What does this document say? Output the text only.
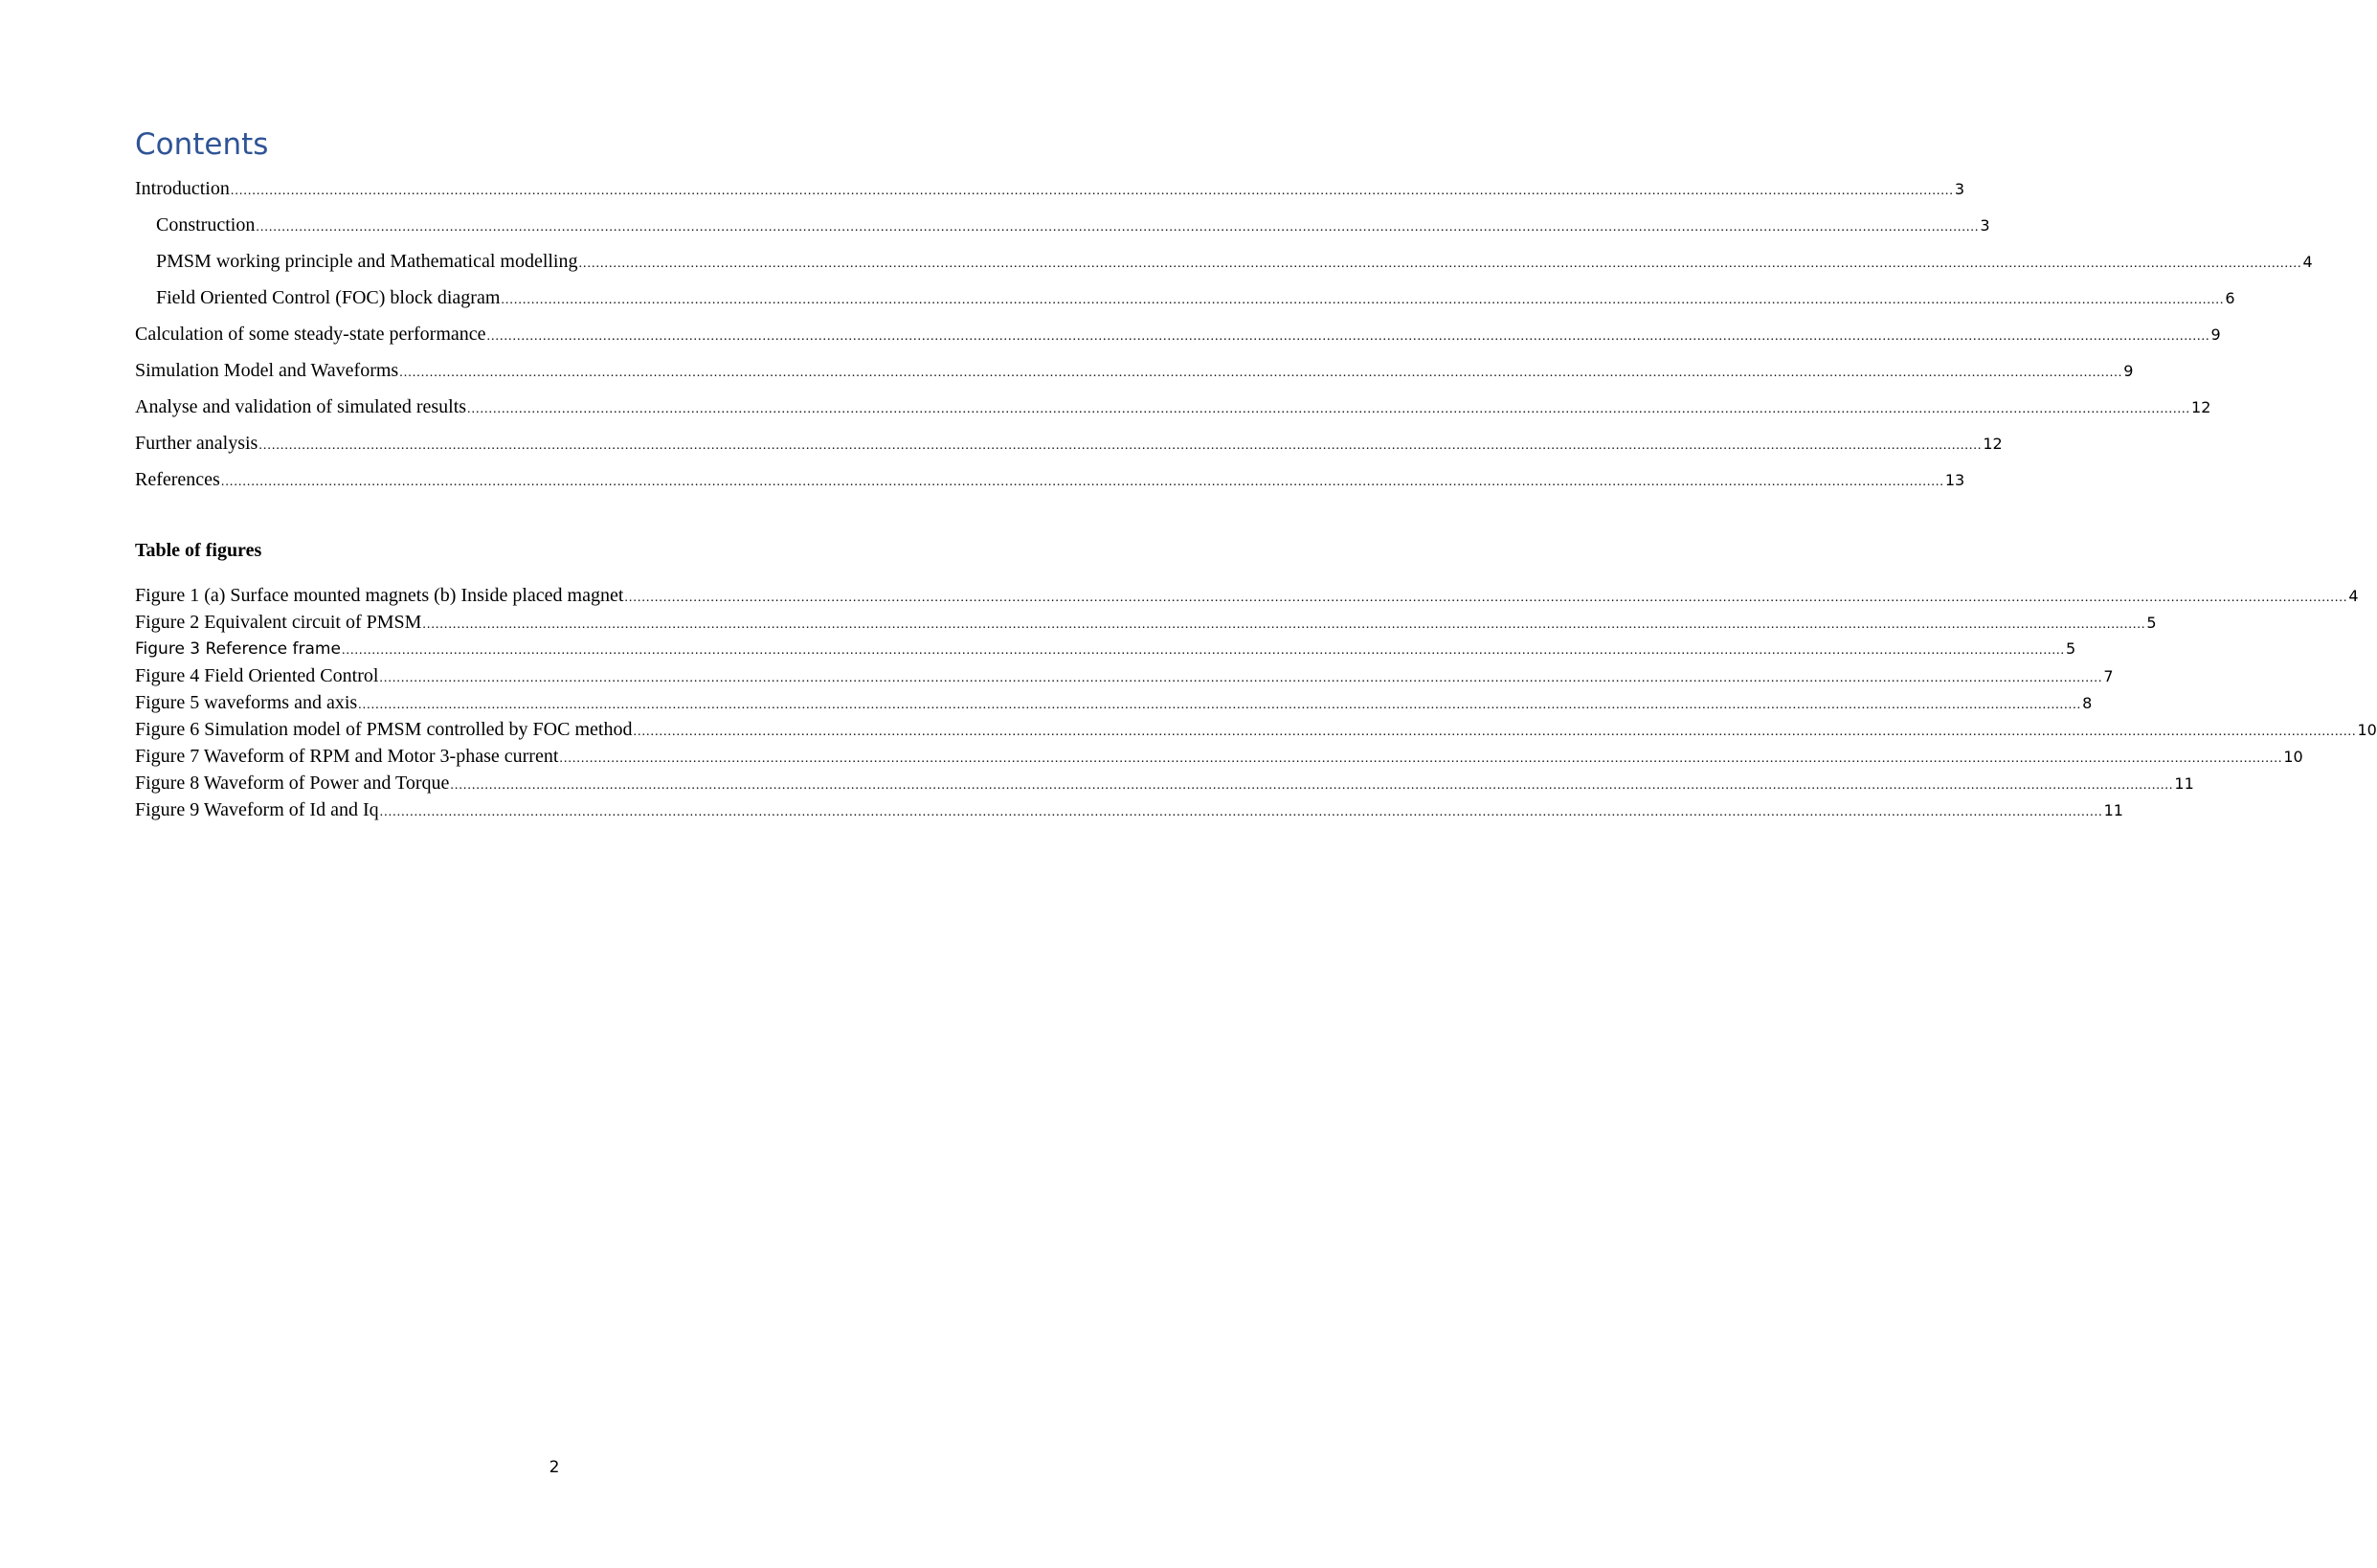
Contents
Introduction ................................................................................................................................................................................................................................................................................................................................................................................................................ 3
Construction ................................................................................................................................................................................................................................................................................................................................................................................................................ 3
PMSM working principle and Mathematical modelling ................................................................................................................................................................................................................................................................................................................................................................................................................ 4
Field Oriented Control (FOC) block diagram ................................................................................................................................................................................................................................................................................................................................................................................................................ 6
Calculation of some steady-state performance ................................................................................................................................................................................................................................................................................................................................................................................................................ 9
Simulation Model and Waveforms ................................................................................................................................................................................................................................................................................................................................................................................................................ 9
Analyse and validation of simulated results ................................................................................................................................................................................................................................................................................................................................................................................................................ 12
Further analysis ................................................................................................................................................................................................................................................................................................................................................................................................................ 12
References ................................................................................................................................................................................................................................................................................................................................................................................................................ 13
Table of figures
Figure 1 (a) Surface mounted magnets (b) Inside placed magnet ................................................................................................................................................................................................................................................................................................................................................................................................................ 4
Figure 2 Equivalent circuit of PMSM ................................................................................................................................................................................................................................................................................................................................................................................................................ 5
Figure 3 Reference frame ................................................................................................................................................................................................................................................................................................................................................................................................................ 5
Figure 4 Field Oriented Control ................................................................................................................................................................................................................................................................................................................................................................................................................ 7
Figure 5 waveforms and axis ................................................................................................................................................................................................................................................................................................................................................................................................................ 8
Figure 6 Simulation model of PMSM controlled by FOC method ................................................................................................................................................................................................................................................................................................................................................................................................................ 10
Figure 7 Waveform of RPM and Motor 3-phase current ................................................................................................................................................................................................................................................................................................................................................................................................................ 10
Figure 8 Waveform of Power and Torque ................................................................................................................................................................................................................................................................................................................................................................................................................ 11
Figure 9 Waveform of Id and Iq ................................................................................................................................................................................................................................................................................................................................................................................................................ 11
2
